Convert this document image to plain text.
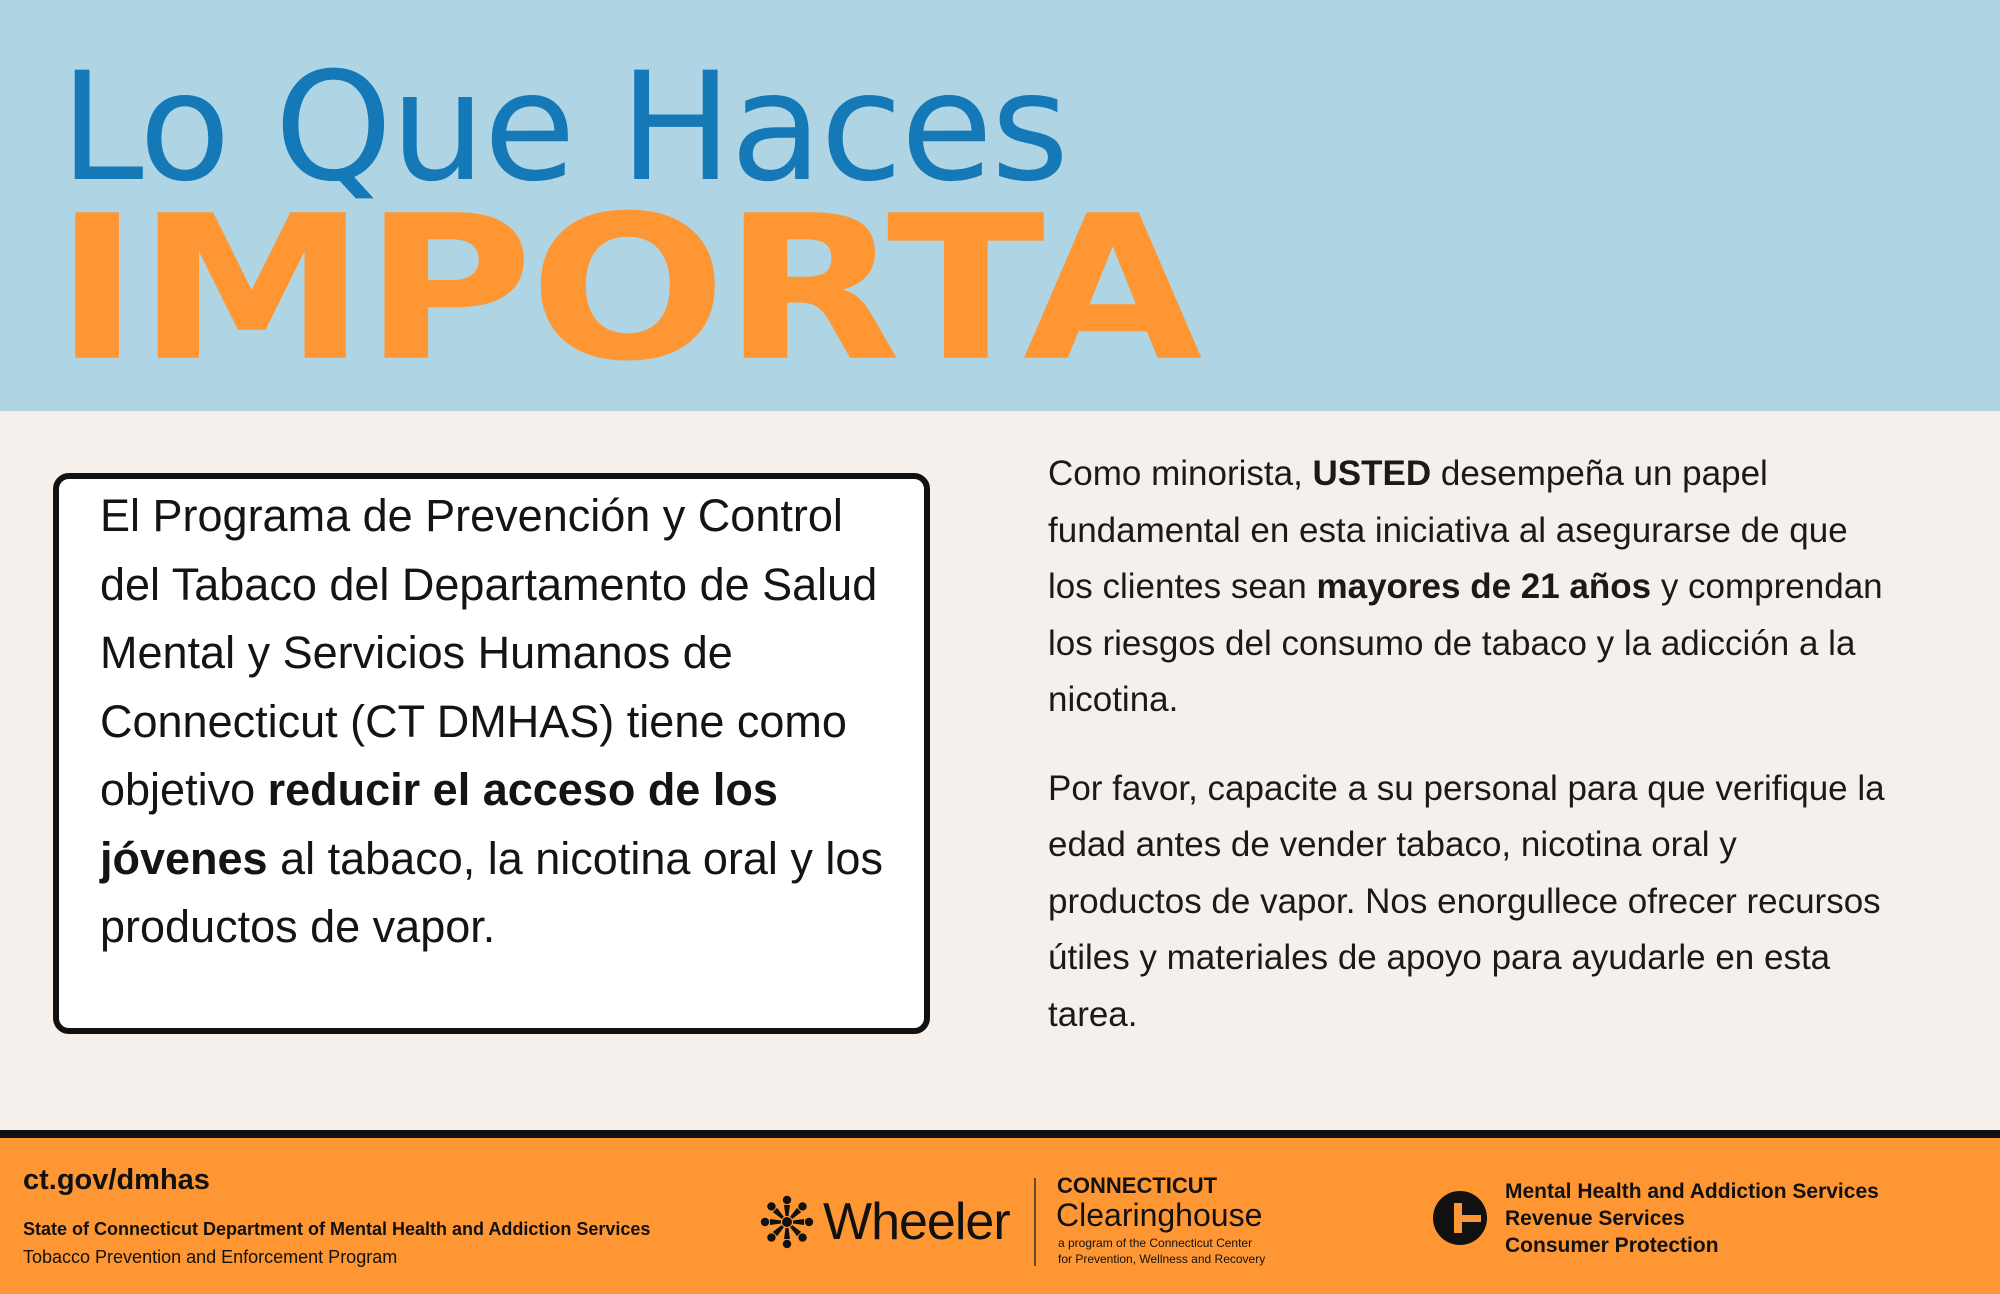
Lo Que Haces
IMPORTA
El Programa de Prevención y Control del Tabaco del Departamento de Salud Mental y Servicios Humanos de Connecticut (CT DMHAS) tiene como objetivo reducir el acceso de los jóvenes al tabaco, la nicotina oral y los productos de vapor.

Como minorista, USTED desempeña un papel fundamental en esta iniciativa al asegurarse de que los clientes sean mayores de 21 años y comprendan los riesgos del consumo de tabaco y la adicción a la nicotina.

Por favor, capacite a su personal para que verifique la edad antes de vender tabaco, nicotina oral y productos de vapor. Nos enorgullece ofrecer recursos útiles y materiales de apoyo para ayudarle en esta tarea.

ct.gov/dmhas
State of Connecticut Department of Mental Health and Addiction Services
Tobacco Prevention and Enforcement Program
Wheeler
CONNECTICUT
Clearinghouse
a program of the Connecticut Center
for Prevention, Wellness and Recovery
Mental Health and Addiction Services
Revenue Services
Consumer Protection
